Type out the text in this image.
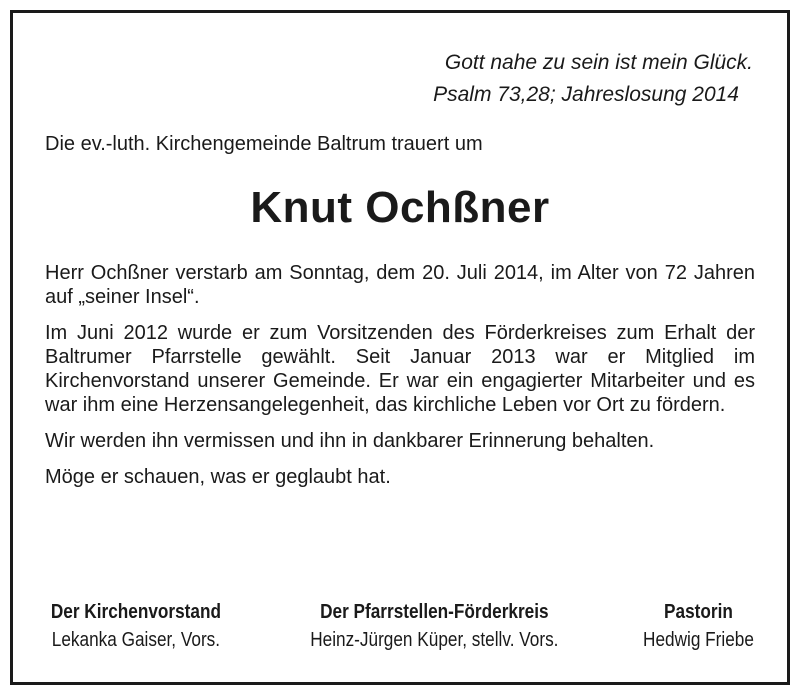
Gott nahe zu sein ist mein Glück.
Psalm 73,28; Jahreslosung 2014
Die ev.-luth. Kirchengemeinde Baltrum trauert um
Knut Ochßner

Herr Ochßner verstarb am Sonntag, dem 20. Juli 2014, im Alter von 72 Jahren auf „seiner Insel“.

Im Juni 2012 wurde er zum Vorsitzenden des Förderkreises zum Erhalt der Baltrumer Pfarrstelle gewählt. Seit Januar 2013 war er Mitglied im Kirchenvorstand unserer Gemeinde. Er war ein engagierter Mitarbeiter und es war ihm eine Herzensangelegenheit, das kirchliche Leben vor Ort zu fördern.

Wir werden ihn vermissen und ihn in dankbarer Erinnerung behalten.

Möge er schauen, was er geglaubt hat.

Der Kirchenvorstand
Lekanka Gaiser, Vors.
Der Pfarrstellen-Förderkreis
Heinz-Jürgen Küper, stellv. Vors.
Pastorin
Hedwig Friebe
